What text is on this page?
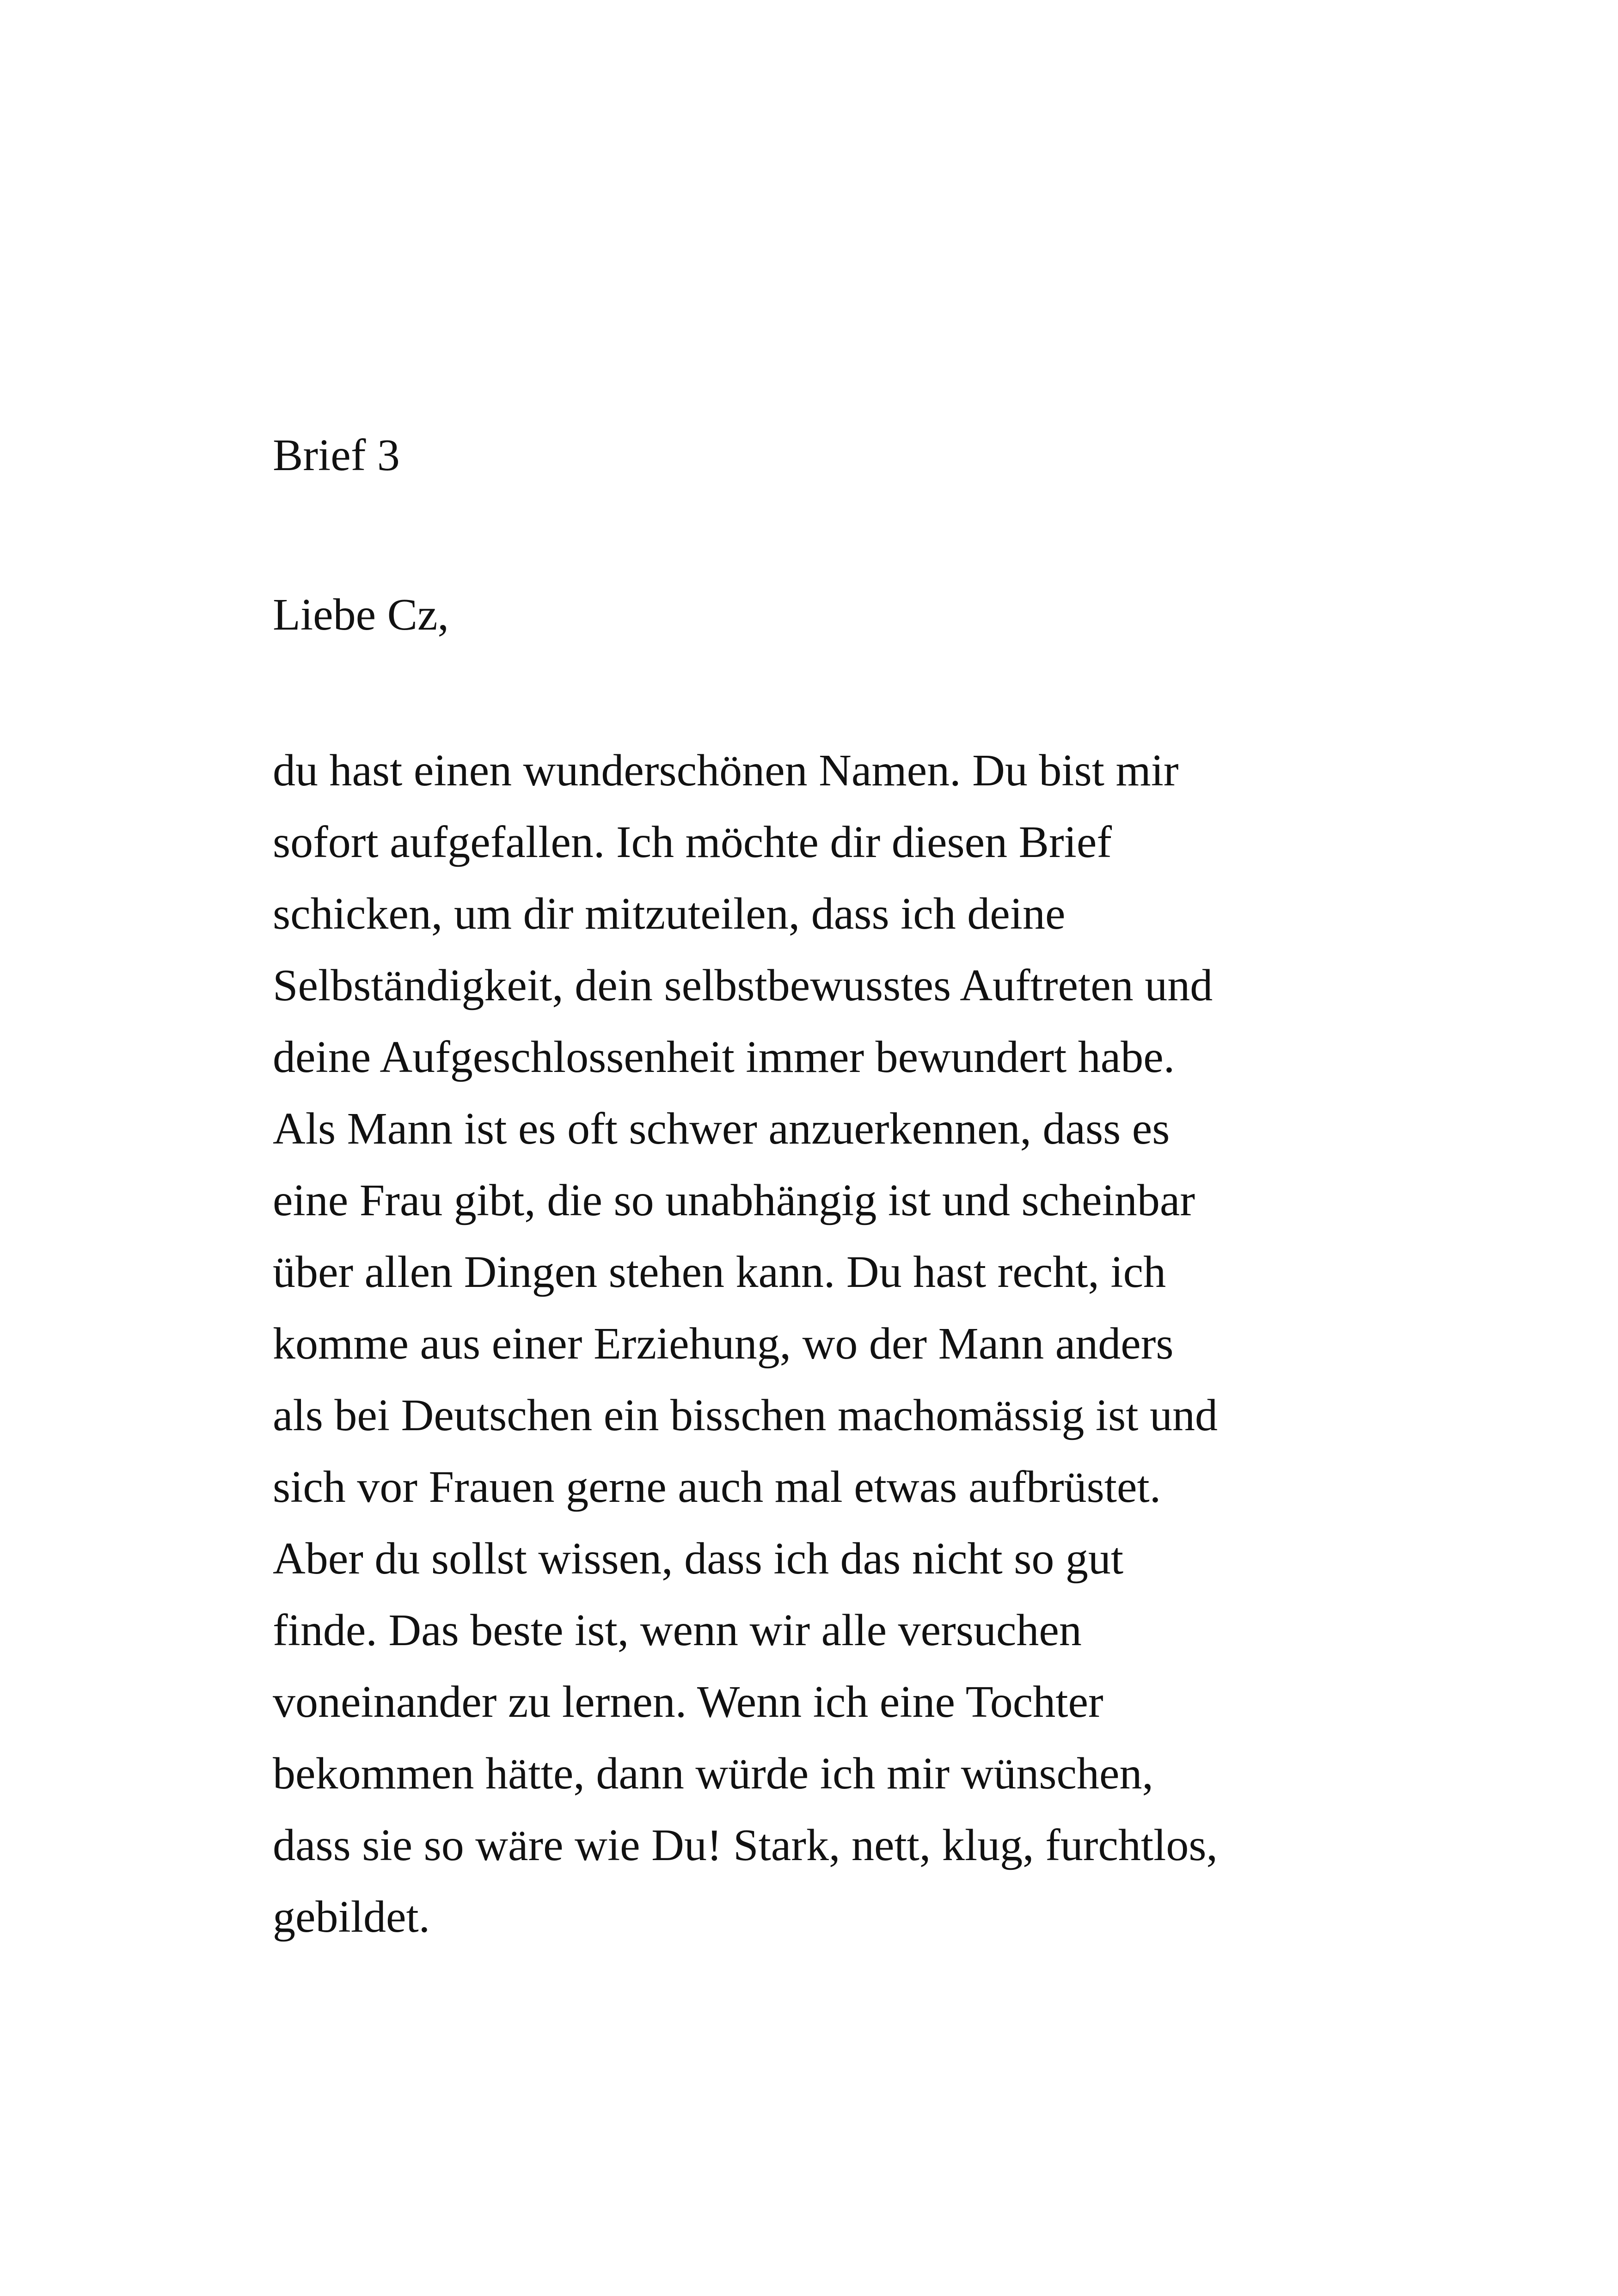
Brief 3

Liebe Cz,

du hast einen wunderschönen Namen. Du bist mir
sofort aufgefallen. Ich möchte dir diesen Brief
schicken, um dir mitzuteilen, dass ich deine
Selbständigkeit, dein selbstbewusstes Auftreten und
deine Aufgeschlossenheit immer bewundert habe.
Als Mann ist es oft schwer anzuerkennen, dass es
eine Frau gibt, die so unabhängig ist und scheinbar
über allen Dingen stehen kann. Du hast recht, ich
komme aus einer Erziehung, wo der Mann anders
als bei Deutschen ein bisschen machomässig ist und
sich vor Frauen gerne auch mal etwas aufbrüstet.
Aber du sollst wissen, dass ich das nicht so gut
finde. Das beste ist, wenn wir alle versuchen
voneinander zu lernen. Wenn ich eine Tochter
bekommen hätte, dann würde ich mir wünschen,
dass sie so wäre wie Du! Stark, nett, klug, furchtlos,
gebildet.
